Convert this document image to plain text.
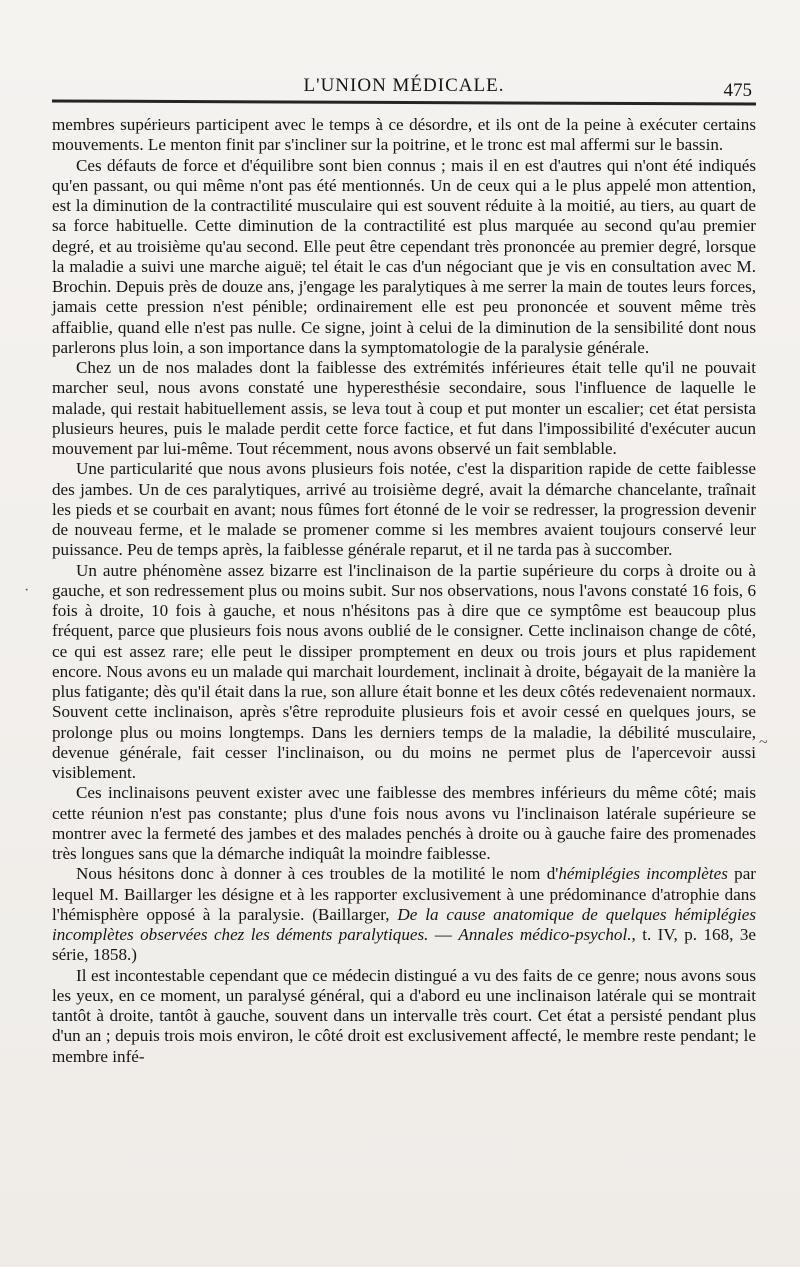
L'UNION MÉDICALE.	475

membres supérieurs participent avec le temps à ce désordre, et ils ont de la peine à exécuter certains mouvements. Le menton finit par s'incliner sur la poitrine, et le tronc est mal affermi sur le bassin.

Ces défauts de force et d'équilibre sont bien connus ; mais il en est d'autres qui n'ont été indiqués qu'en passant, ou qui même n'ont pas été mentionnés. Un de ceux qui a le plus appelé mon attention, est la diminution de la contractilité musculaire qui est souvent réduite à la moitié, au tiers, au quart de sa force habituelle. Cette diminution de la contractilité est plus marquée au second qu'au premier degré, et au troisième qu'au second. Elle peut être cependant très prononcée au premier degré, lorsque la maladie a suivi une marche aiguë; tel était le cas d'un négociant que je vis en consultation avec M. Brochin. Depuis près de douze ans, j'engage les paralytiques à me serrer la main de toutes leurs forces, jamais cette pression n'est pénible; ordinairement elle est peu prononcée et souvent même très affaiblie, quand elle n'est pas nulle. Ce signe, joint à celui de la diminution de la sensibilité dont nous parlerons plus loin, a son importance dans la symptomatologie de la paralysie générale.

Chez un de nos malades dont la faiblesse des extrémités inférieures était telle qu'il ne pouvait marcher seul, nous avons constaté une hyperesthésie secondaire, sous l'influence de laquelle le malade, qui restait habituellement assis, se leva tout à coup et put monter un escalier; cet état persista plusieurs heures, puis le malade perdit cette force factice, et fut dans l'impossibilité d'exécuter aucun mouvement par lui-même. Tout récemment, nous avons observé un fait semblable.

Une particularité que nous avons plusieurs fois notée, c'est la disparition rapide de cette faiblesse des jambes. Un de ces paralytiques, arrivé au troisième degré, avait la démarche chancelante, traînait les pieds et se courbait en avant; nous fûmes fort étonné de le voir se redresser, la progression devenir de nouveau ferme, et le malade se promener comme si les membres avaient toujours conservé leur puissance. Peu de temps après, la faiblesse générale reparut, et il ne tarda pas à succomber.

Un autre phénomène assez bizarre est l'inclinaison de la partie supérieure du corps à droite ou à gauche, et son redressement plus ou moins subit. Sur nos observations, nous l'avons constaté 16 fois, 6 fois à droite, 10 fois à gauche, et nous n'hésitons pas à dire que ce symptôme est beaucoup plus fréquent, parce que plusieurs fois nous avons oublié de le consigner. Cette inclinaison change de côté, ce qui est assez rare; elle peut le dissiper promptement en deux ou trois jours et plus rapidement encore. Nous avons eu un malade qui marchait lourdement, inclinait à droite, bégayait de la manière la plus fatigante; dès qu'il était dans la rue, son allure était bonne et les deux côtés redevenaient normaux. Souvent cette inclinaison, après s'être reproduite plusieurs fois et avoir cessé en quelques jours, se prolonge plus ou moins longtemps. Dans les derniers temps de la maladie, la débilité musculaire, devenue générale, fait cesser l'inclinaison, ou du moins ne permet plus de l'apercevoir aussi visiblement.

Ces inclinaisons peuvent exister avec une faiblesse des membres inférieurs du même côté; mais cette réunion n'est pas constante; plus d'une fois nous avons vu l'inclinaison latérale supérieure se montrer avec la fermeté des jambes et des malades penchés à droite ou à gauche faire des promenades très longues sans que la démarche indiquât la moindre faiblesse.

Nous hésitons donc à donner à ces troubles de la motilité le nom d'hémiplégies incomplètes par lequel M. Baillarger les désigne et à les rapporter exclusivement à une prédominance d'atrophie dans l'hémisphère opposé à la paralysie. (Baillarger, De la cause anatomique de quelques hémiplégies incomplètes observées chez les déments paralytiques. — Annales médico-psychol., t. IV, p. 168, 3e série, 1858.)

Il est incontestable cependant que ce médecin distingué a vu des faits de ce genre; nous avons sous les yeux, en ce moment, un paralysé général, qui a d'abord eu une inclinaison latérale qui se montrait tantôt à droite, tantôt à gauche, souvent dans un intervalle très court. Cet état a persisté pendant plus d'un an ; depuis trois mois environ, le côté droit est exclusivement affecté, le membre reste pendant; le membre infé-

~
·
